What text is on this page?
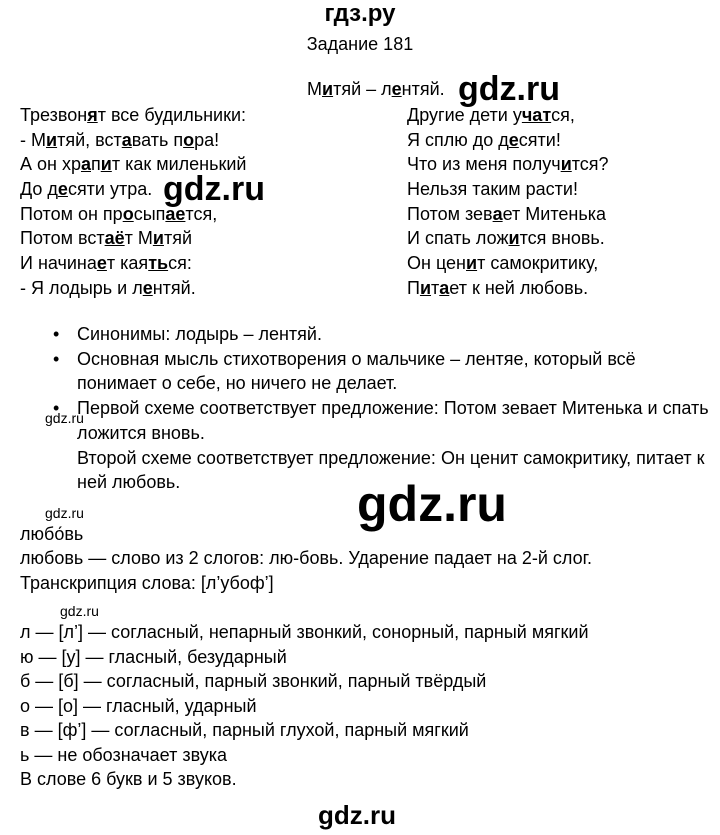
гдз.ру
Задание 181
Митяй – лентяй.
Трезвонят все будильники:
- Митяй, вставать пора!
А он храпит как миленький
До десяти утра.
Потом он просыпается,
Потом встаёт Митяй
И начинает каяться:
- Я лодырь и лентяй.
Другие дети учатся,
Я сплю до десяти!
Что из меня получится?
Нельзя таким расти!
Потом зевает Митенька
И спать ложится вновь.
Он ценит самокритику,
Питает к ней любовь.
• Синонимы: лодырь – лентяй.
• Основная мысль стихотворения о мальчике – лентяе, который всё понимает о себе, но ничего не делает.
• Первой схеме соответствует предложение: Потом зевает Митенька и спать ложится вновь.
Второй схеме соответствует предложение: Он ценит самокритику, питает к ней любовь.
любо́вь
любовь — слово из 2 слогов: лю-бовь. Ударение падает на 2-й слог.
Транскрипция слова: [л’убоф’]
л — [л’] — согласный, непарный звонкий, сонорный, парный мягкий
ю — [у] — гласный, безударный
б — [б] — согласный, парный звонкий, парный твёрдый
о — [о] — гласный, ударный
в — [ф’] — согласный, парный глухой, парный мягкий
ь — не обозначает звука
В слове 6 букв и 5 звуков.
gdz.ru
gdz.ru
gdz.ru
gdz.ru
gdz.ru
gdz.ru
gdz.ru
